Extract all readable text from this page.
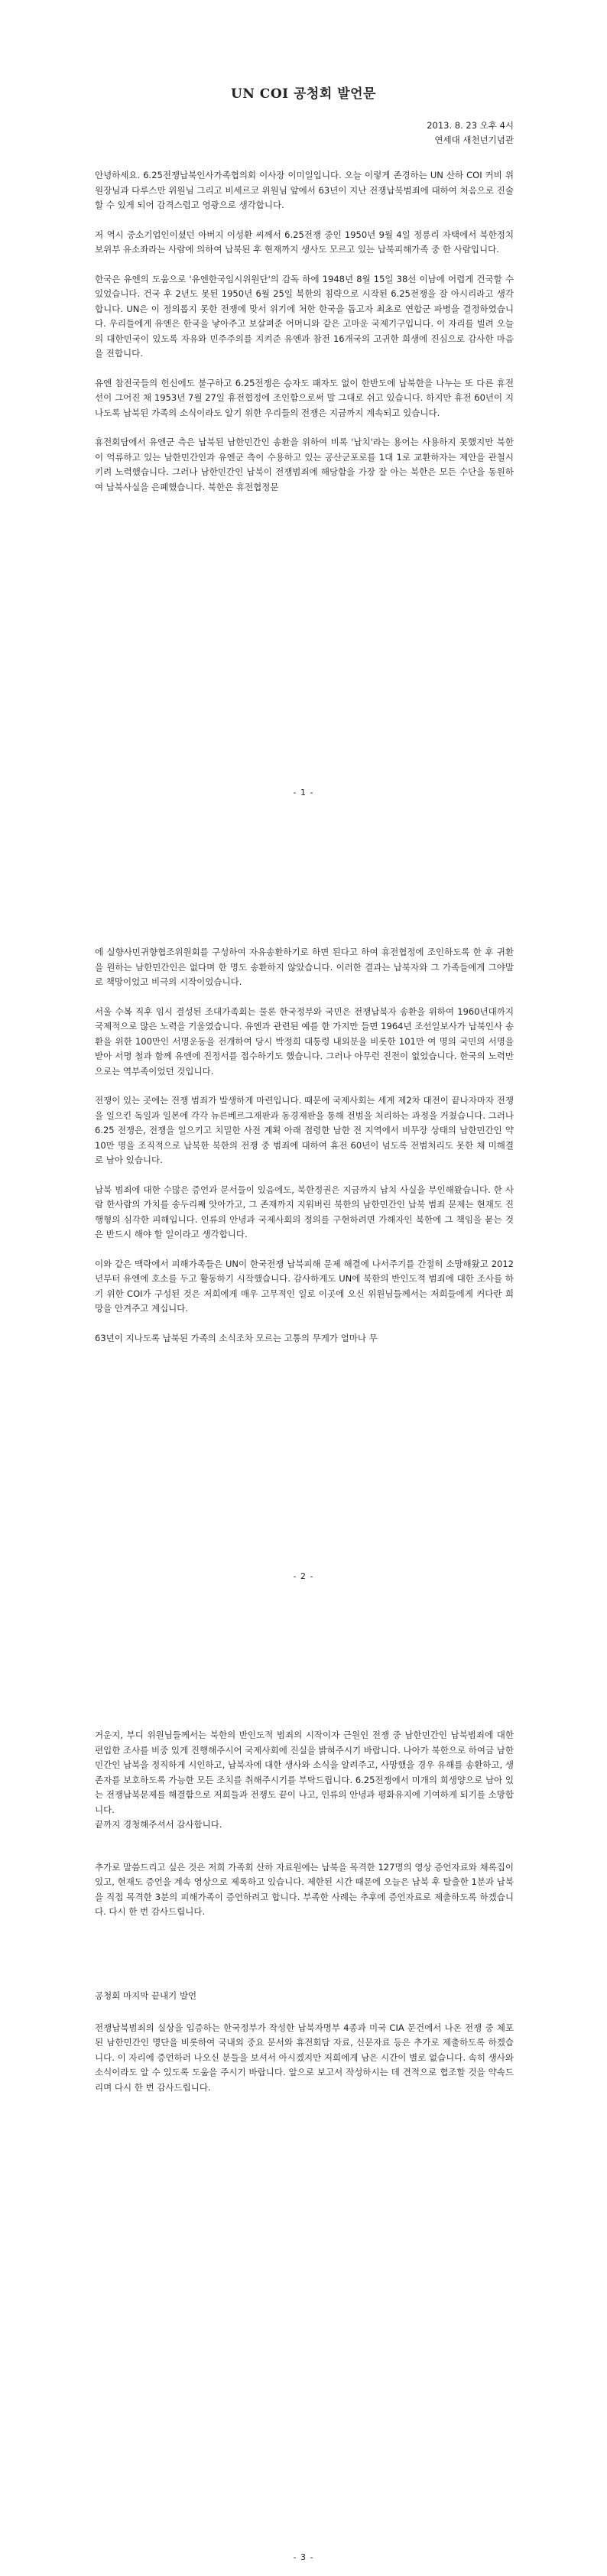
UN COI 공청회 발언문
2013. 8. 23 오후 4시
연세대 새천년기념관

안녕하세요. 6.25전쟁납북인사가족협의회 이사장 이미일입니다. 오늘 이렇게 존경하는 UN 산하 COI 커비 위원장님과 다루스만 위원님 그리고 비세르코 위원님 앞에서 63년이 지난 전쟁납북범죄에 대하여 처음으로 진술할 수 있게 되어 감격스럽고 영광으로 생각합니다.

저 역시 중소기업인이셨던 아버지 이성환 씨께서 6.25전쟁 중인 1950년 9월 4일 정릉리 자택에서 북한정치보위부 유소좌라는 사람에 의하여 납북된 후 현재까지 생사도 모르고 있는 납북피해가족 중 한 사람입니다.

한국은 유엔의 도움으로 '유엔한국임시위원단'의 감독 하에 1948년 8월 15일 38선 이남에 어렵게 건국할 수 있었습니다. 건국 후 2년도 못된 1950년 6월 25일 북한의 침략으로 시작된 6.25전쟁을 잘 아시리라고 생각합니다. UN은 이 정의롭지 못한 전쟁에 맞서 위기에 처한 한국을 돕고자 최초로 연합군 파병을 결정하였습니다. 우리들에게 유엔은 한국을 낳아주고 보살펴준 어머니와 같은 고마운 국제기구입니다. 이 자리를 빌려 오늘의 대한민국이 있도록 자유와 민주주의를 지켜준 유엔과 참전 16개국의 고귀한 희생에 진심으로 감사한 마음을 전합니다.

유엔 참전국들의 헌신에도 불구하고 6.25전쟁은 승자도 패자도 없이 한반도에 납북한을 나누는 또 다른 휴전선이 그어진 채 1953년 7월 27일 휴전협정에 조인함으로써 말 그대로 쉬고 있습니다. 하지만 휴전 60년이 지나도록 납북된 가족의 소식이라도 알기 위한 우리들의 전쟁은 지금까지 계속되고 있습니다.

휴전회담에서 유엔군 측은 납북된 남한민간인 송환을 위하여 비록 '납치'라는 용어는 사용하지 못했지만 북한이 억류하고 있는 남한민간인과 유엔군 측이 수용하고 있는 공산군포로를 1대 1로 교환하자는 제안을 관철시키려 노력했습니다. 그러나 남한민간인 납북이 전쟁범죄에 해당함을 가장 잘 아는 북한은 모든 수단을 동원하여 납북사실을 은폐했습니다. 북한은 휴전협정문

- 1 -

에 실향사민귀향협조위원회를 구성하여 자유송환하기로 하면 된다고 하여 휴전협정에 조인하도록 한 후 귀환을 원하는 남한민간인은 없다며 한 명도 송환하지 않았습니다. 이러한 결과는 납북자와 그 가족들에게 그야말로 책망이었고 비극의 시작이었습니다.

서울 수복 직후 임시 결성된 조대가족회는 물론 한국정부와 국민은 전쟁납북자 송환을 위하여 1960년대까지 국제적으로 많은 노력을 기울였습니다. 유엔과 관련된 예를 한 가지만 들면 1964년 조선일보사가 납북인사 송환을 위한 100만인 서명운동을 전개하여 당시 박정희 대통령 내외분을 비롯한 101만 여 명의 국민의 서명을 받아 서명 철과 함께 유엔에 진정서를 접수하기도 했습니다. 그러나 아무런 진전이 없었습니다. 한국의 노력만으로는 역부족이었던 것입니다.

전쟁이 있는 곳에는 전쟁 범죄가 발생하게 마련입니다. 때문에 국제사회는 세계 제2차 대전이 끝나자마자 전쟁을 일으킨 독일과 일본에 각각 뉴른베르그재판과 동경재판을 통해 전범을 처리하는 과정을 거쳤습니다. 그러나 6.25 전쟁은, 전쟁을 일으키고 치밀한 사전 계획 아래 점령한 남한 전 지역에서 비무장 상태의 남한민간인 약 10만 명을 조직적으로 납북한 북한의 전쟁 중 범죄에 대하여 휴전 60년이 넘도록 전범처리도 못한 채 미해결로 남아 있습니다.

납북 범죄에 대한 수많은 증언과 문서들이 있음에도, 북한정권은 지금까지 납치 사실을 부인해왔습니다. 한 사람 한사람의 가치를 송두리째 앗아가고, 그 존재까지 지워버린 북한의 남한민간인 납북 범죄 문제는 현재도 진행형의 심각한 피해입니다. 인류의 안녕과 국제사회의 정의를 구현하려면 가해자인 북한에 그 책임을 묻는 것은 반드시 해야 할 일이라고 생각합니다.

이와 같은 맥락에서 피해가족들은 UN이 한국전쟁 납북피해 문제 해결에 나서주기를 간절히 소망해왔고 2012년부터 유엔에 호소를 두고 활동하기 시작했습니다. 감사하게도 UN에 북한의 반인도적 범죄에 대한 조사를 하기 위한 COI가 구성된 것은 저희에게 매우 고무적인 일로 이곳에 오신 위원님들께서는 저희들에게 커다란 희망을 안겨주고 계십니다.

63년이 지나도록 납북된 가족의 소식조차 모르는 고통의 무게가 얼마나 무

- 2 -

거운지, 부디 위원님들께서는 북한의 반인도적 범죄의 시작이자 근원인 전쟁 중 남한민간인 납북범죄에 대한 편입한 조사를 비중 있게 진행해주시어 국제사회에 진실을 밝혀주시기 바랍니다. 나아가 북한으로 하여금 남한민간인 납북을 정직하게 시인하고, 납북자에 대한 생사와 소식을 알려주고, 사망했을 경우 유해를 송환하고, 생존자를 보호하도록 가능한 모든 조치를 취해주시기를 부탁드립니다. 6.25전쟁에서 미개의 희생양으로 남아 있는 전쟁납북문제를 해결함으로 저희들과 전쟁도 끝이 나고, 인류의 안녕과 평화유지에 기여하게 되기를 소망합니다.

끝까지 경청해주셔서 감사합니다.

추가로 말씀드리고 싶은 것은 저희 가족회 산하 자료원에는 납북을 목격한 127명의 영상 증언자료와 채록집이 있고, 현재도 증언을 계속 영상으로 제록하고 있습니다. 제한된 시간 때문에 오늘은 납북 후 탈출한 1분과 납북을 직접 목격한 3분의 피해가족이 증언하려고 합니다. 부족한 사례는 추후에 증언자료로 제출하도록 하겠습니다. 다시 한 번 감사드립니다.

공청회 마지막 끝내기 발언

전쟁납북범죄의 실상을 입증하는 한국정부가 작성한 납북자명부 4종과 미국 CIA 문건에서 나온 전쟁 중 체포된 남한민간인 명단을 비롯하여 국내외 중요 문서와 휴전회담 자료, 신문자료 등은 추가로 제출하도록 하겠습니다. 이 자리에 증언하러 나오신 분들을 보셔서 아시겠지만 저희에게 남은 시간이 별로 없습니다. 속히 생사와 소식이라도 알 수 있도록 도움을 주시기 바랍니다. 앞으로 보고서 작성하시는 데 견적으로 협조할 것을 약속드리며 다시 한 번 감사드립니다.

- 3 -
